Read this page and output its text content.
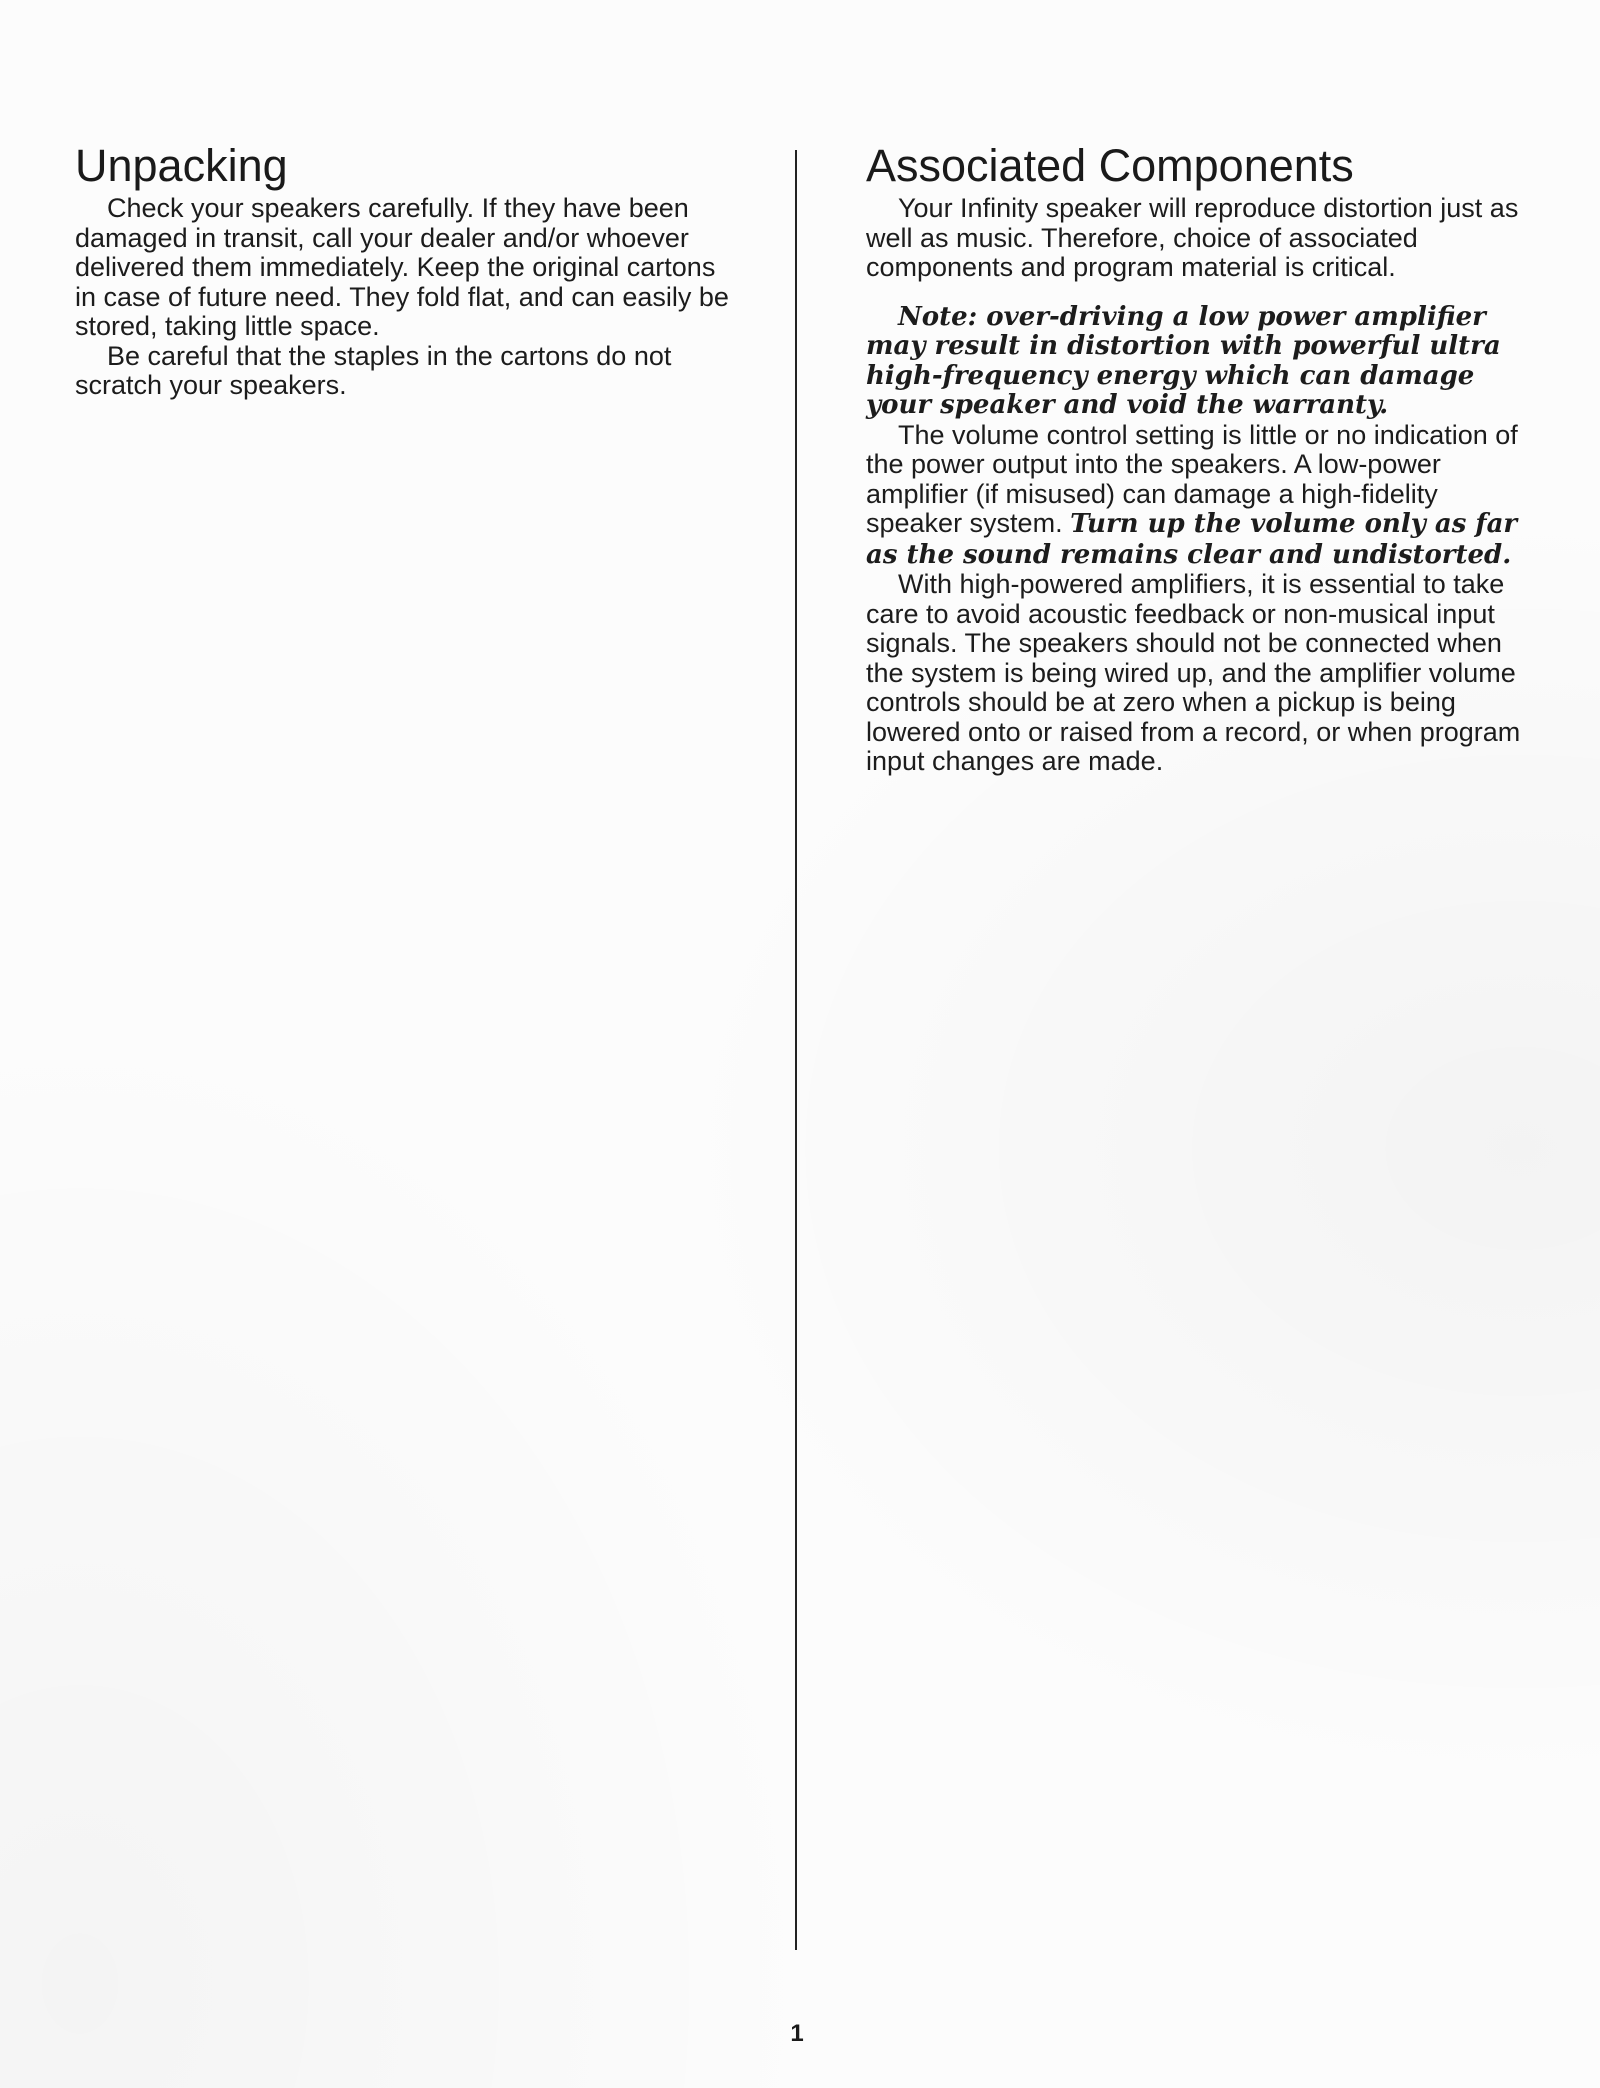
Unpacking

Check your speakers carefully. If they have been damaged in transit, call your dealer and/or whoever delivered them immediately. Keep the original cartons in case of future need. They fold flat, and can easily be stored, taking little space.

Be careful that the staples in the cartons do not scratch your speakers.

Associated Components

Your Infinity speaker will reproduce distortion just as well as music. Therefore, choice of associated components and program material is critical.

Note: over-driving a low power amplifier may result in distortion with powerful ultra high-frequency energy which can damage your speaker and void the warranty.

The volume control setting is little or no indication of the power output into the speakers. A low-power amplifier (if misused) can damage a high-fidelity speaker system. Turn up the volume only as far as the sound remains clear and undistorted.

With high-powered amplifiers, it is essential to take care to avoid acoustic feedback or non-musical input signals. The speakers should not be connected when the system is being wired up, and the amplifier volume controls should be at zero when a pickup is being lowered onto or raised from a record, or when program input changes are made.

1
